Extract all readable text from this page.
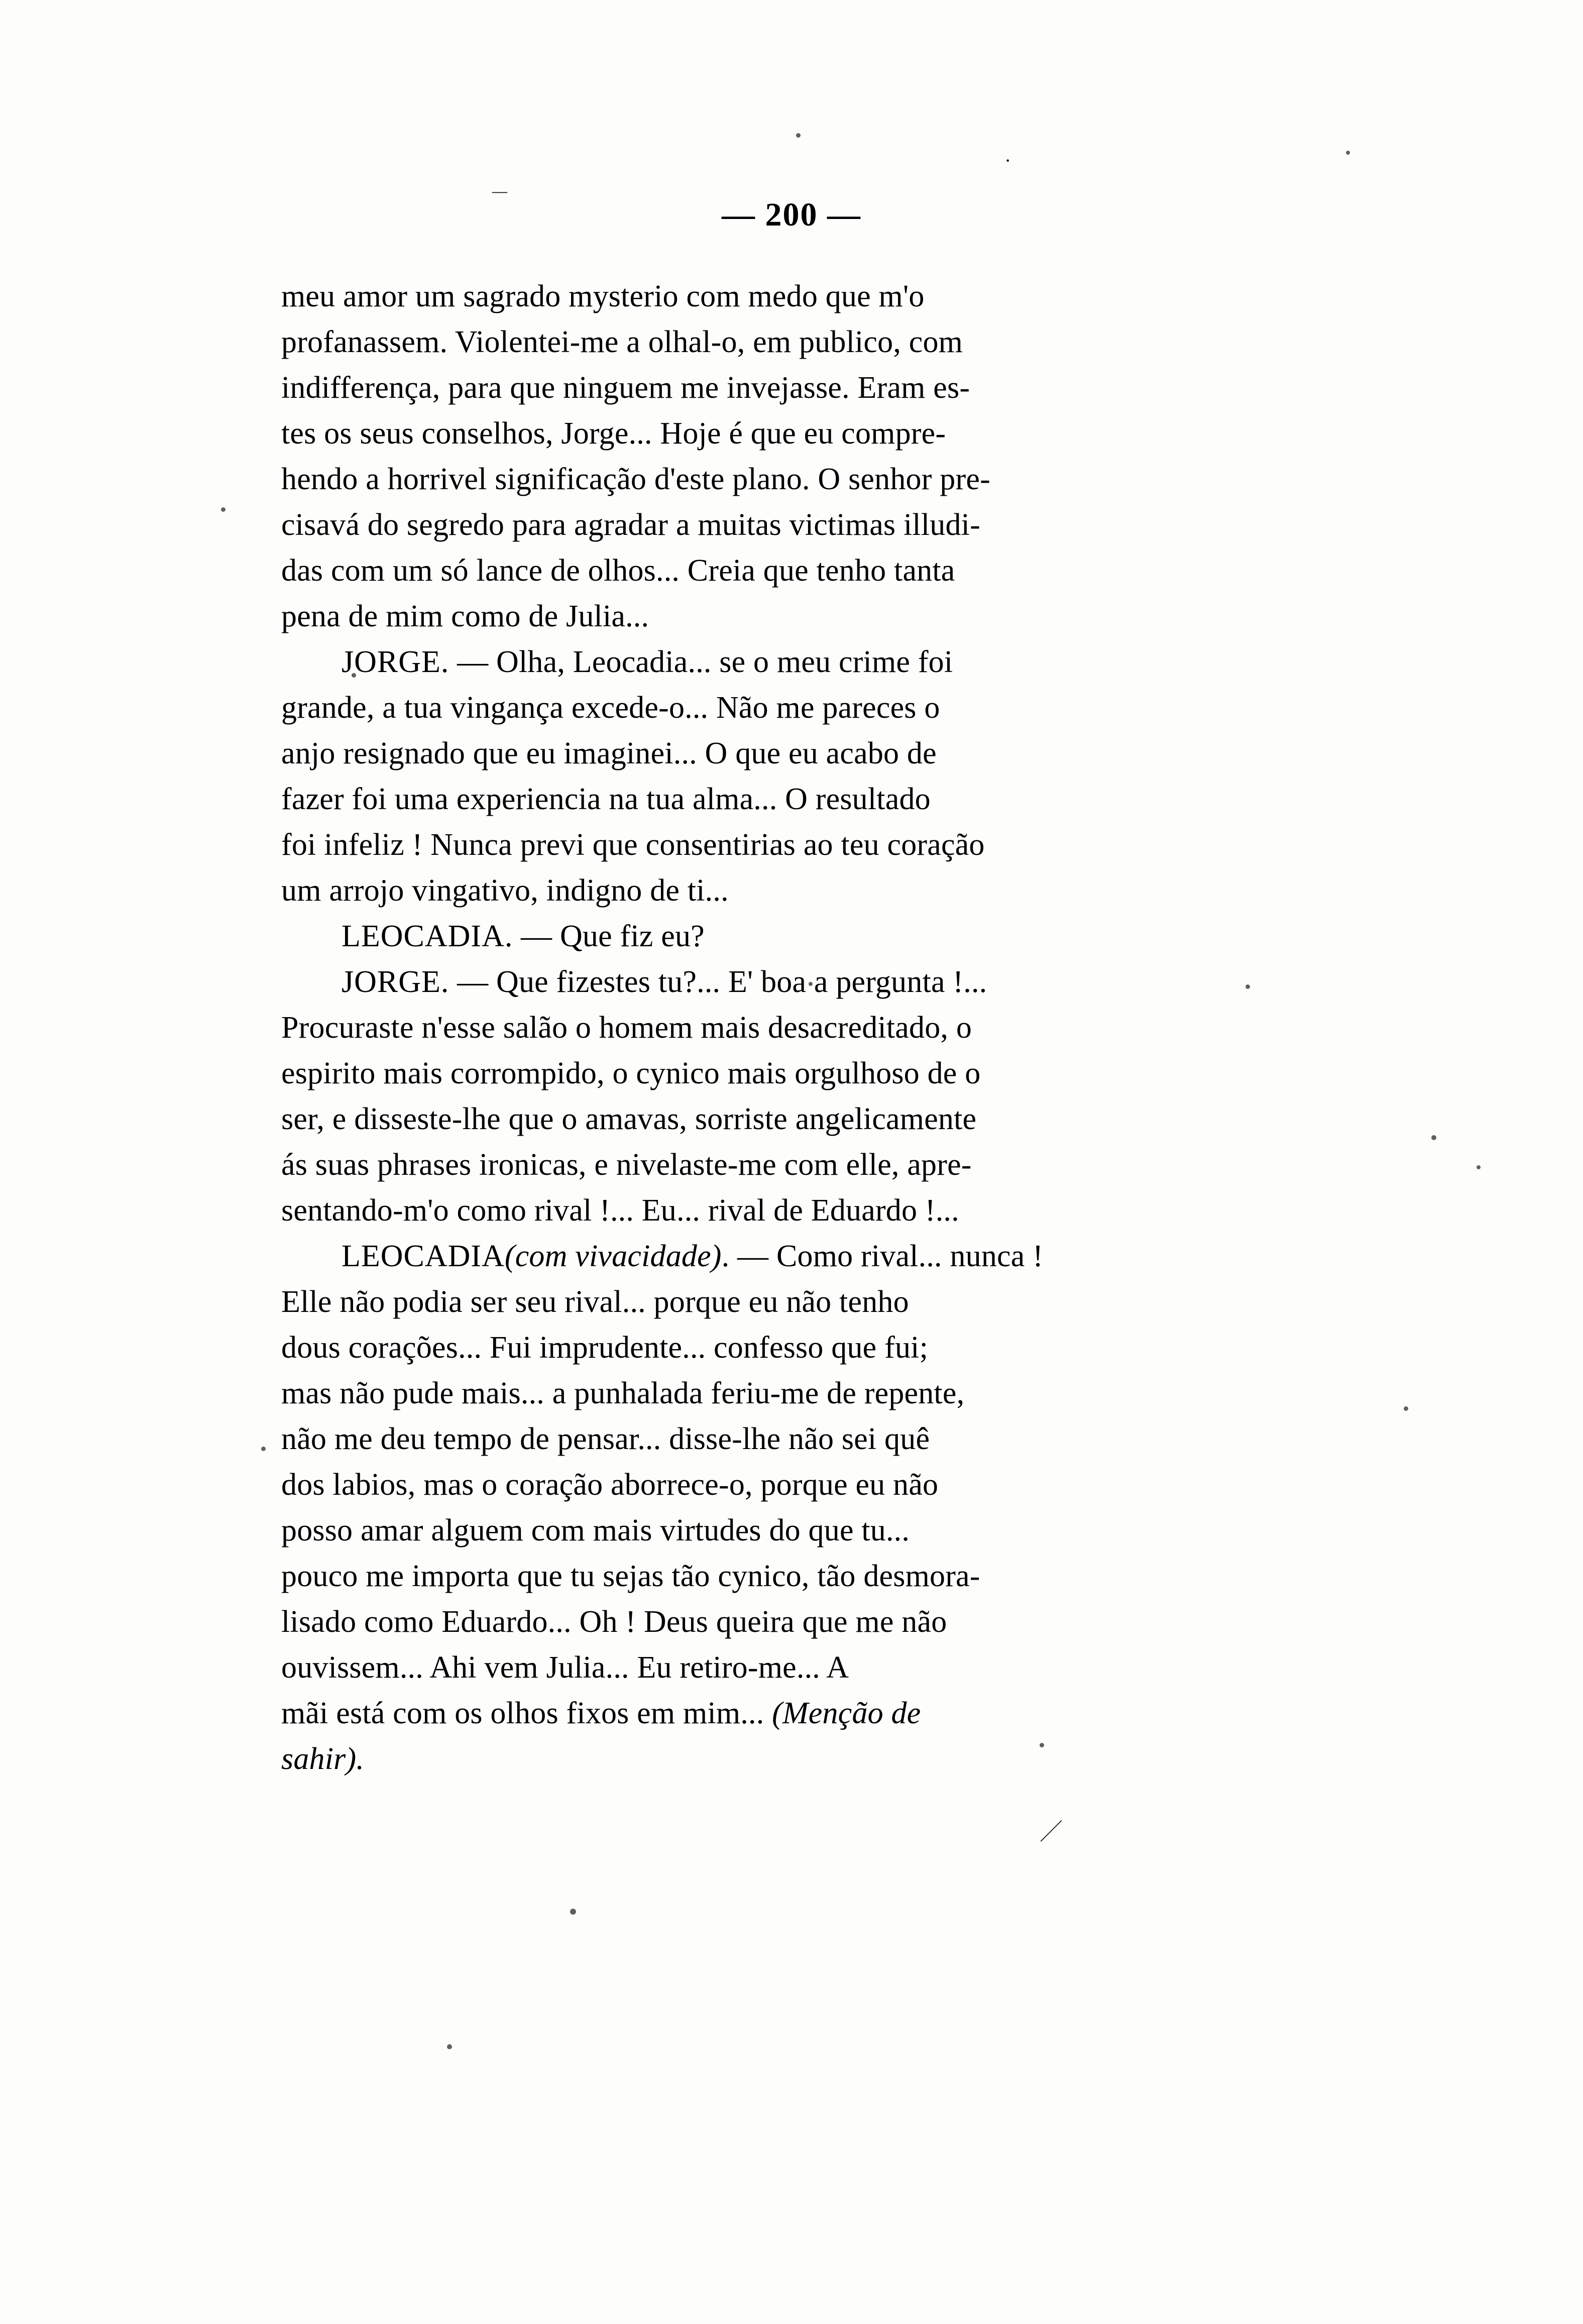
－
·
／
— 200 —

meu amor um sagrado mysterio com medo que m'o

profanassem. Violentei-me a olhal-o, em publico, com

indifferença, para que ninguem me invejasse. Eram es-

tes os seus conselhos, Jorge... Hoje é que eu compre-

hendo a horrivel significação d'este plano. O senhor pre-

cisavá do segredo para agradar a muitas victimas illudi-

das com um só lance de olhos... Creia que tenho tanta

pena de mim como de Julia...

JORGE. — Olha, Leocadia... se o meu crime foi

grande, a tua vingança excede-o... Não me pareces o

anjo resignado que eu imaginei... O que eu acabo de

fazer foi uma experiencia na tua alma... O resultado

foi infeliz ! Nunca previ que consentirias ao teu coração

um arrojo vingativo, indigno de ti...

LEOCADIA. — Que fiz eu?

JORGE. — Que fizestes tu?... E' boa a pergunta !...

Procuraste n'esse salão o homem mais desacreditado, o

espirito mais corrompido, o cynico mais orgulhoso de o

ser, e disseste-lhe que o amavas, sorriste angelicamente

ás suas phrases ironicas, e nivelaste-me com elle, apre-

sentando-m'o como rival !... Eu... rival de Eduardo !...

LEOCADIA(com vivacidade). — Como rival... nunca !

Elle não podia ser seu rival... porque eu não tenho

dous corações... Fui imprudente... confesso que fui;

mas não pude mais... a punhalada feriu-me de repente,

não me deu tempo de pensar... disse-lhe não sei quê

dos labios, mas o coração aborrece-o, porque eu não

posso amar alguem com mais virtudes do que tu...

pouco me importa que tu sejas tão cynico, tão desmora-

lisado como Eduardo... Oh ! Deus queira que me não

ouvissem... Ahi vem Julia... Eu retiro-me... A

mãi está com os olhos fixos em mim... (Menção de

sahir).
